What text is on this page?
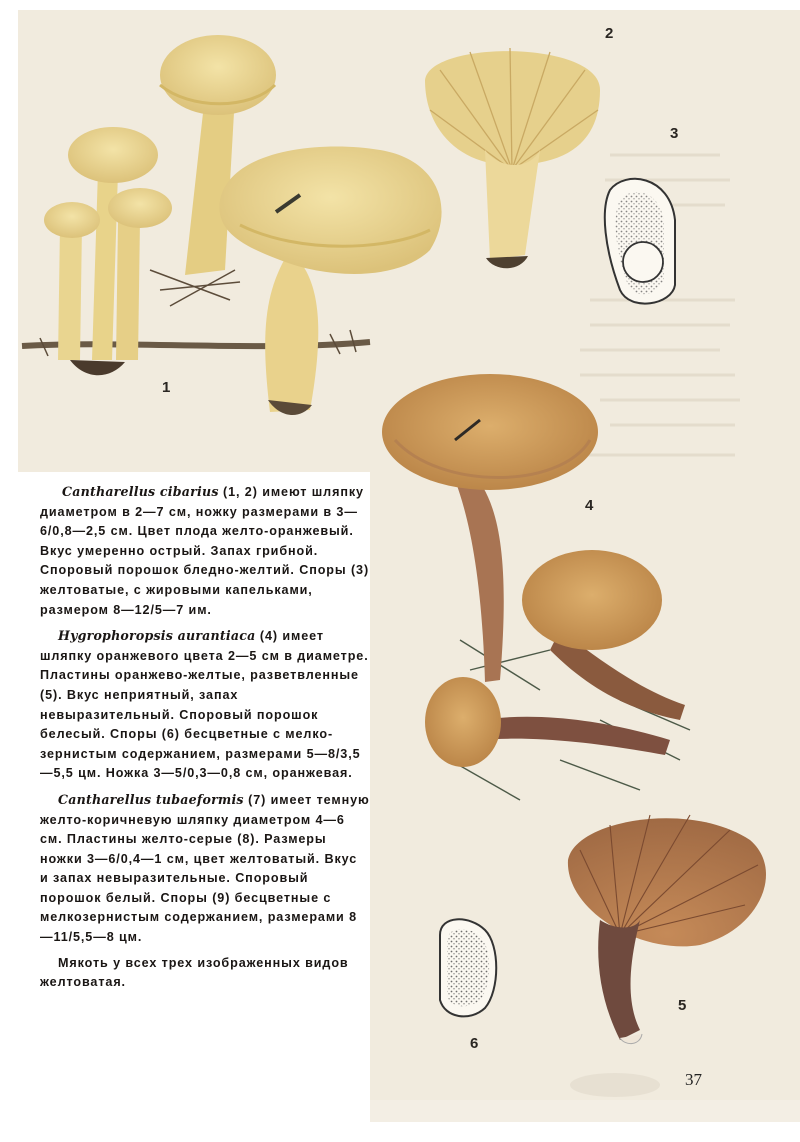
1
2
3
4
5
6

Cantharellus cibarius (1, 2) имеют шляпку диаметром в 2—7 см, ножку размерами в 3—6/0,8—2,5 см. Цвет плода желто-оранжевый. Вкус умеренно острый. Запах грибной. Споровый порошок бледно-желтий. Споры (3) желтоватые, с жировыми капельками, размером 8—12/5—7 им.

Hygrophoropsis aurantiaca (4) имеет шляпку оранжевого цвета 2—5 см в диаметре. Пластины оранжево-желтые, разветвленные (5). Вкус неприятный, запах невыразительный. Споровый порошок белесый. Споры (6) бесцветные с мелко-зернистым содержанием, размерами 5—8/3,5—5,5 цм. Ножка 3—5/0,3—0,8 см, оранжевая.

Cantharellus tubaeformis (7) имеет темную желто-коричневую шляпку диаметром 4—6 см. Пластины желто-серые (8). Размеры ножки 3—6/0,4—1 см, цвет желтоватый. Вкус и запах невыразительные. Споровый порошок белый. Споры (9) бесцветные с мелкозернистым содержанием, размерами 8—11/5,5—8 цм.

Мякоть у всех трех изображенных видов желтоватая.

37
